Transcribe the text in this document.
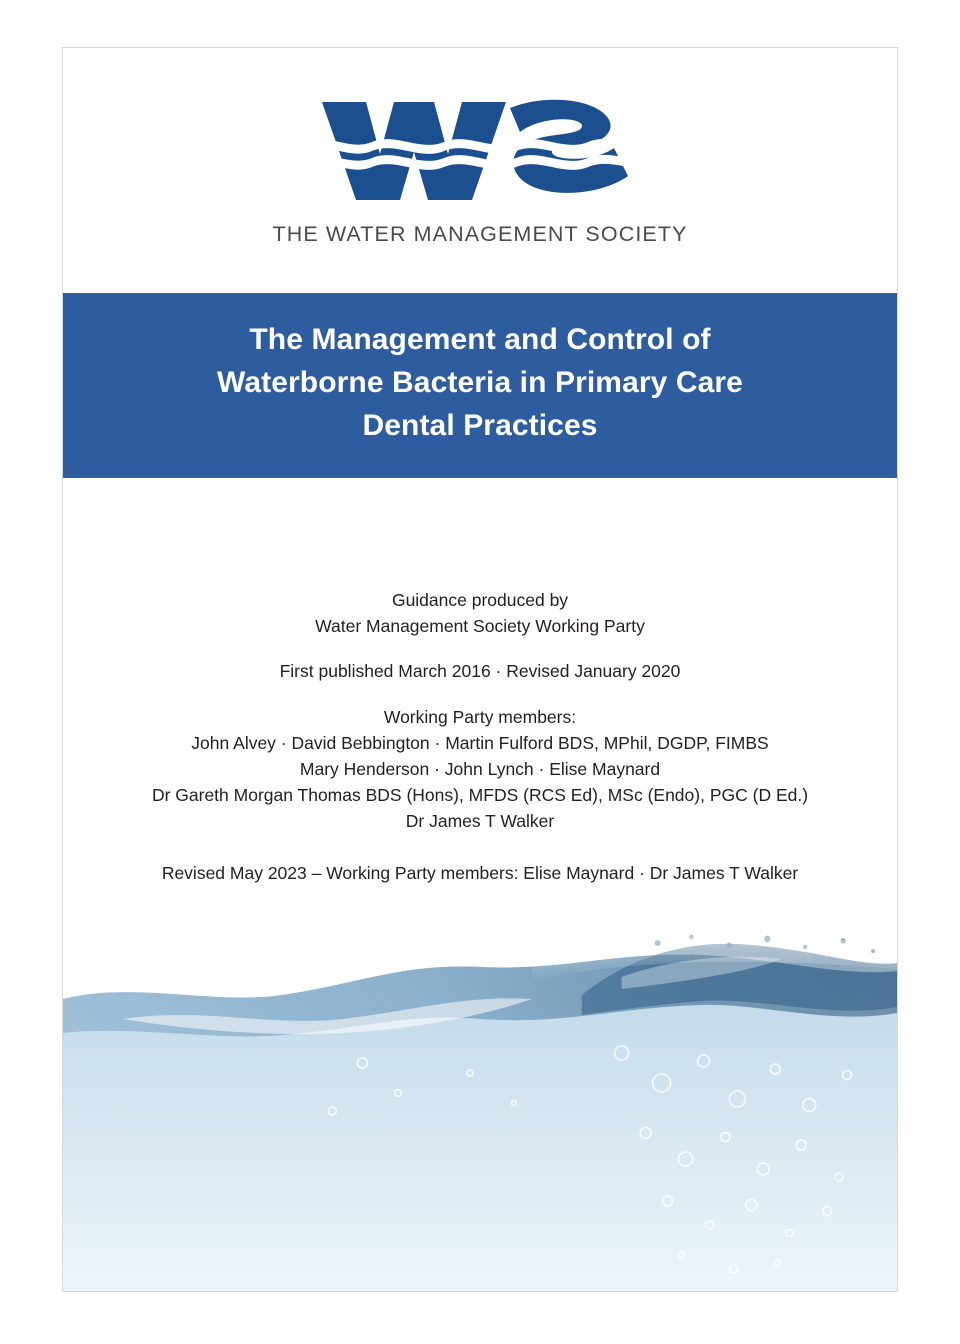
THE WATER MANAGEMENT SOCIETY
The Management and Control of
Waterborne Bacteria in Primary Care
Dental Practices
Guidance produced by
Water Management Society Working Party
First published March 2016 · Revised January 2020
Working Party members:
John Alvey · David Bebbington · Martin Fulford BDS, MPhil, DGDP, FIMBS
Mary Henderson · John Lynch · Elise Maynard
Dr Gareth Morgan Thomas BDS (Hons), MFDS (RCS Ed), MSc (Endo), PGC (D Ed.)
Dr James T Walker
Revised May 2023 – Working Party members: Elise Maynard · Dr James T Walker
